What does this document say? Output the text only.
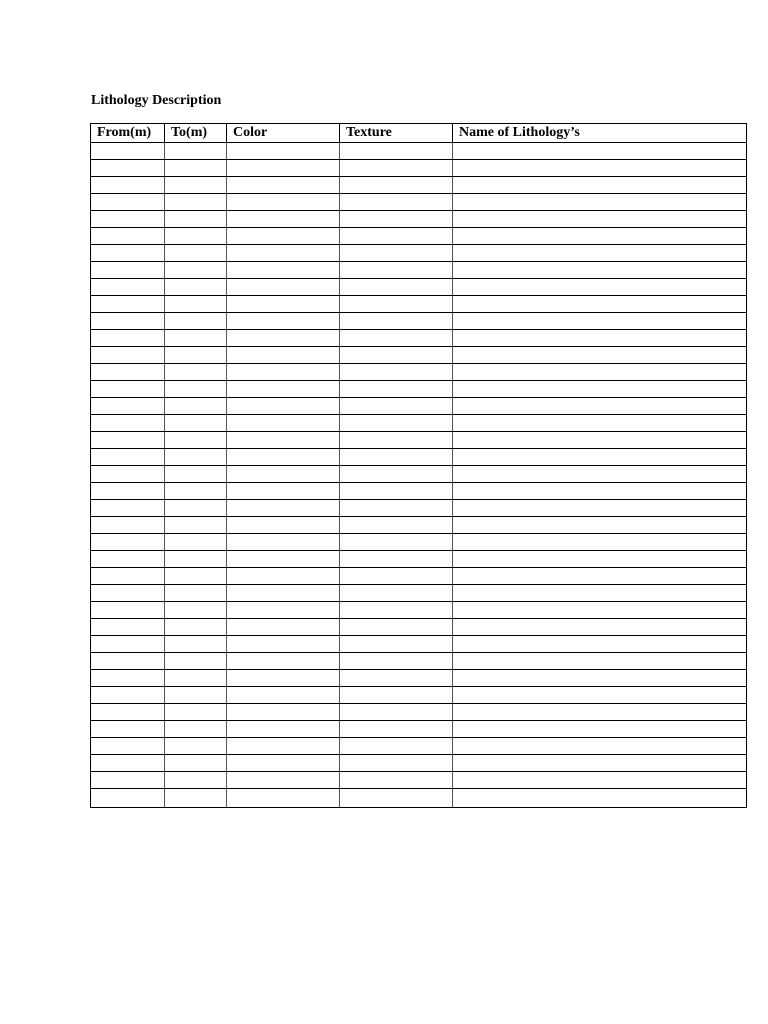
Lithology Description
From(m)	To(m)	Color	Texture	Name of Lithology’s
